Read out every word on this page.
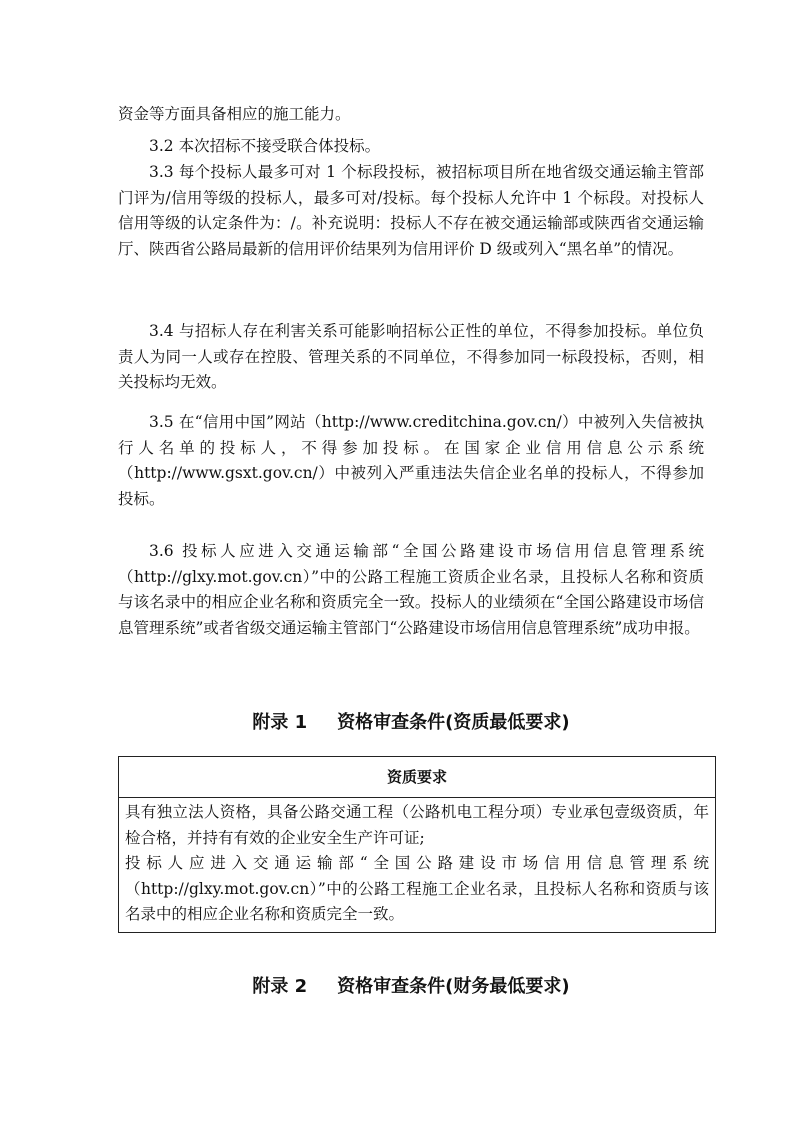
资金等方面具备相应的施工能力。

3.2 本次招标不接受联合体投标。

3.3 每个投标人最多可对 1 个标段投标，被招标项目所在地省级交通运输主管部门评为/信用等级的投标人，最多可对/投标。每个投标人允许中 1 个标段。对投标人信用等级的认定条件为：/。补充说明：投标人不存在被交通运输部或陕西省交通运输厅、陕西省公路局最新的信用评价结果列为信用评价 D 级或列入“黑名单”的情况。

3.4 与招标人存在利害关系可能影响招标公正性的单位，不得参加投标。单位负责人为同一人或存在控股、管理关系的不同单位，不得参加同一标段投标，否则，相关投标均无效。

3.5 在“信用中国”网站（http://www.creditchina.gov.cn/）中被列入失信被执行人名单的投标人，不得参加投标。在国家企业信用信息公示系统（http://www.gsxt.gov.cn/）中被列入严重违法失信企业名单的投标人，不得参加投标。

3.6 投标人应进入交通运输部“全国公路建设市场信用信息管理系统（http://glxy.mot.gov.cn）”中的公路工程施工资质企业名录，且投标人名称和资质与该名录中的相应企业名称和资质完全一致。投标人的业绩须在“全国公路建设市场信息管理系统”或者省级交通运输主管部门“公路建设市场信用信息管理系统”成功申报。

附录 1 资格审查条件(资质最低要求)
资质要求

具有独立法人资格，具备公路交通工程（公路机电工程分项）专业承包壹级资质，年检合格，并持有有效的企业安全生产许可证;

投标人应进入交通运输部“全国公路建设市场信用信息管理系统（http://glxy.mot.gov.cn）”中的公路工程施工企业名录，且投标人名称和资质与该名录中的相应企业名称和资质完全一致。

附录 2 资格审查条件(财务最低要求)
